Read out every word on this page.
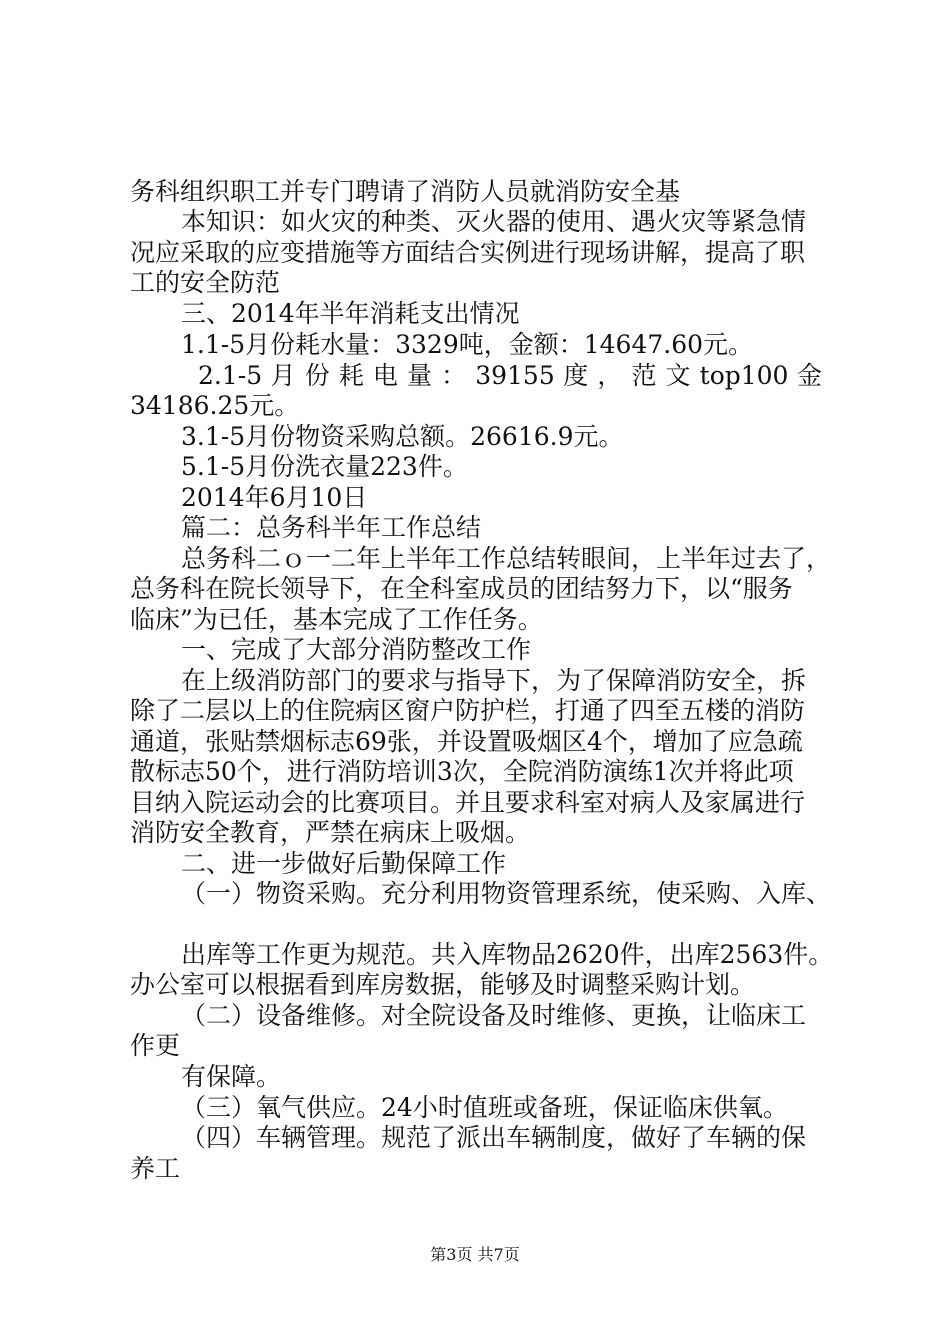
务科组织职工并专门聘请了消防人员就消防安全基

本知识：如火灾的种类、灭火器的使用、遇火灾等紧急情

况应采取的应变措施等方面结合实例进行现场讲解，提高了职

工的安全防范

三、2014年半年消耗支出情况

1.1-5月份耗水量：3329吨，金额：14647.60元。

2.1-5 月 份 耗 电 量 ： 39155 度 ， 范 文 top100 金

34186.25元。

3.1-5月份物资采购总额。26616.9元。

5.1-5月份洗衣量223件。

2014年6月10日

篇二：总务科半年工作总结

总务科二ｏ一二年上半年工作总结转眼间，上半年过去了，

总务科在院长领导下，在全科室成员的团结努力下，以“服务

临床”为已任，基本完成了工作任务。

一、完成了大部分消防整改工作

在上级消防部门的要求与指导下，为了保障消防安全，拆

除了二层以上的住院病区窗户防护栏，打通了四至五楼的消防

通道，张贴禁烟标志69张，并设置吸烟区4个，增加了应急疏

散标志50个，进行消防培训3次，全院消防演练1次并将此项

目纳入院运动会的比赛项目。并且要求科室对病人及家属进行

消防安全教育，严禁在病床上吸烟。

二、进一步做好后勤保障工作

（一）物资采购。充分利用物资管理系统，使采购、入库、

出库等工作更为规范。共入库物品2620件，出库2563件。

办公室可以根据看到库房数据，能够及时调整采购计划。

（二）设备维修。对全院设备及时维修、更换，让临床工

作更

有保障。

（三）氧气供应。24小时值班或备班，保证临床供氧。

（四）车辆管理。规范了派出车辆制度，做好了车辆的保

养工

第3页 共7页
